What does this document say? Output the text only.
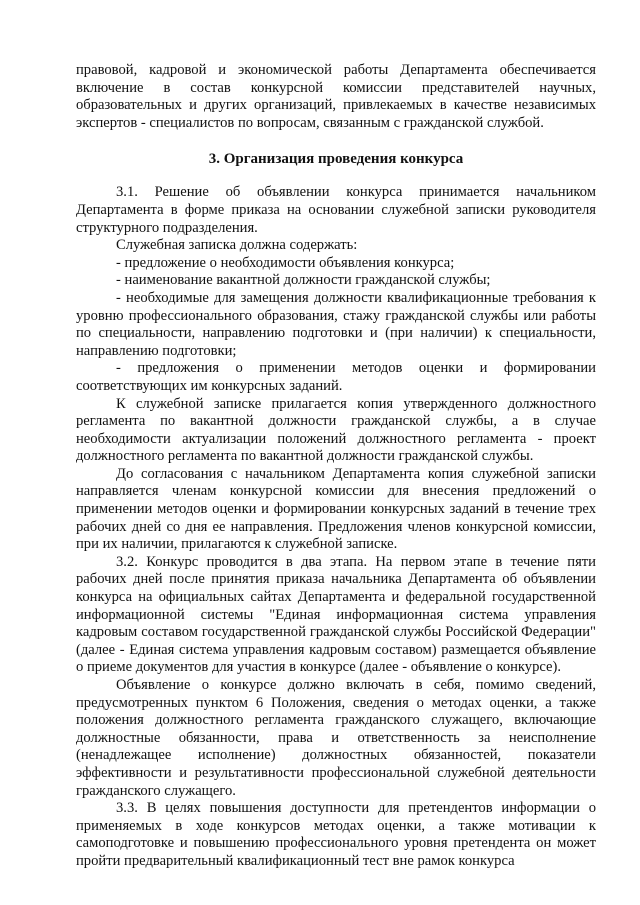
правовой, кадровой и экономической работы Департамента обеспечивается включение в состав конкурсной комиссии представителей научных, образовательных и других организаций, привлекаемых в качестве независимых экспертов - специалистов по вопросам, связанным с гражданской службой.

3. Организация проведения конкурса

3.1. Решение об объявлении конкурса принимается начальником Департамента в форме приказа на основании служебной записки руководителя структурного подразделения.

Служебная записка должна содержать:

- предложение о необходимости объявления конкурса;

- наименование вакантной должности гражданской службы;

- необходимые для замещения должности квалификационные требования к уровню профессионального образования, стажу гражданской службы или работы по специальности, направлению подготовки и (при наличии) к специальности, направлению подготовки;

- предложения о применении методов оценки и формировании соответствующих им конкурсных заданий.

К служебной записке прилагается копия утвержденного должностного регламента по вакантной должности гражданской службы, а в случае необходимости актуализации положений должностного регламента - проект должностного регламента по вакантной должности гражданской службы.

До согласования с начальником Департамента копия служебной записки направляется членам конкурсной комиссии для внесения предложений о применении методов оценки и формировании конкурсных заданий в течение трех рабочих дней со дня ее направления. Предложения членов конкурсной комиссии, при их наличии, прилагаются к служебной записке.

3.2. Конкурс проводится в два этапа. На первом этапе в течение пяти рабочих дней после принятия приказа начальника Департамента об объявлении конкурса на официальных сайтах Департамента и федеральной государственной информационной системы "Единая информационная система управления кадровым составом государственной гражданской службы Российской Федерации" (далее - Единая система управления кадровым составом) размещается объявление о приеме документов для участия в конкурсе (далее - объявление о конкурсе).

Объявление о конкурсе должно включать в себя, помимо сведений, предусмотренных пунктом 6 Положения, сведения о методах оценки, а также положения должностного регламента гражданского служащего, включающие должностные обязанности, права и ответственность за неисполнение (ненадлежащее исполнение) должностных обязанностей, показатели эффективности и результативности профессиональной служебной деятельности гражданского служащего.

3.3. В целях повышения доступности для претендентов информации о применяемых в ходе конкурсов методах оценки, а также мотивации к самоподготовке и повышению профессионального уровня претендента он может пройти предварительный квалификационный тест вне рамок конкурса
